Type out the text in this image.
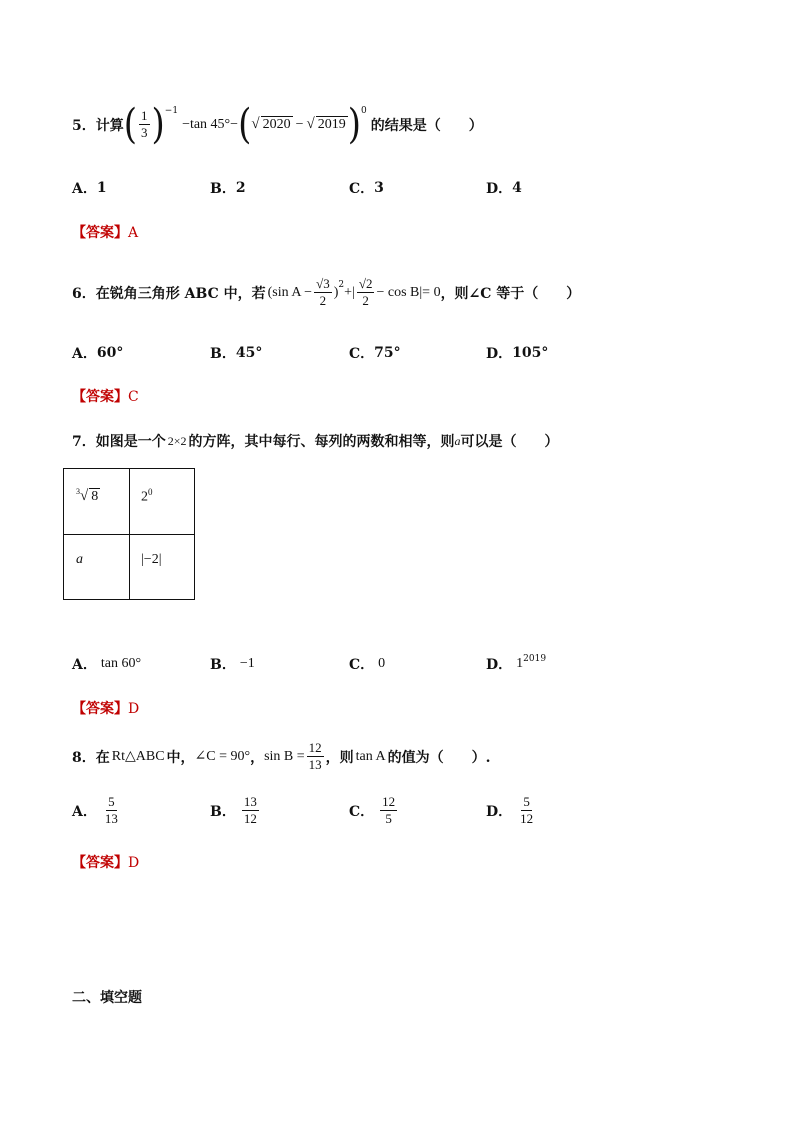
5． 计算 ( $\frac{1}{3} )^{-1}$
−tan 45°− ( √ 2020 − √ 2019 )$^0$
的结果是（　　）
A． 1	B． 2	C． 3	D． 4
【答案】A
6． 在锐角三角形 ABC 中，若 (sin $A - \frac{√3}{2} )^2$ +| $\frac{√2}{2} - \cos B|= 0$ ，则∠C 等于（　　）
A． 60°	B． 45°	C． 75°	D． 105°
【答案】C
7． 如图是一个 2×2 的方阵，其中每行、每列的两数和相等，则 a 可以是（　　）
$^3$√ 8	$2^0$
a	|−2|
A． tan 60°	B． −1	C． 0	D． $1^{2019}$
【答案】D
8． 在 Rt△ABC 中， ∠C = 90° ， $\sin B = \frac{12}{13}$ ，则 tan A 的值为（　　）.
A． $\frac{5}{13}$	B． $\frac{13}{12}$	C． $\frac{12}{5}$	D． $\frac{5}{12}$
【答案】D
二、填空题
